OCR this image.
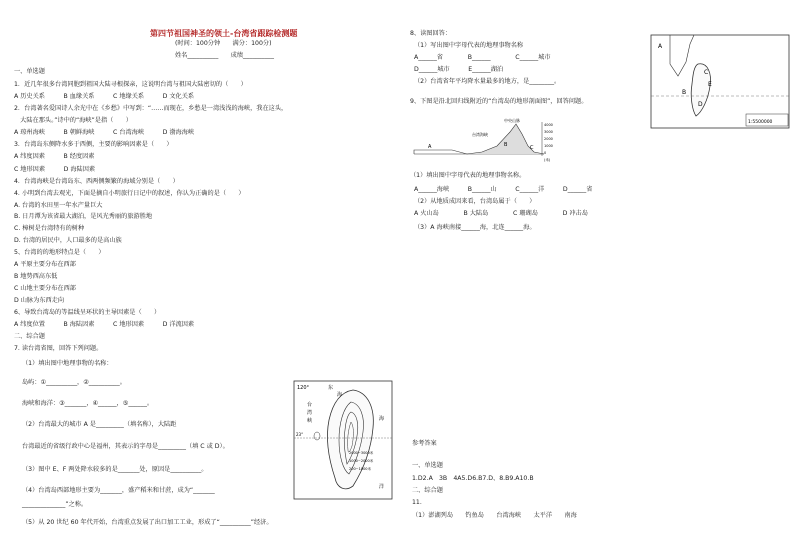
第四节祖国神圣的领土-台湾省跟踪检测题
(时间：100分钟　　满分：100分)
姓名__________　　成绩__________
一、单选题
1．近几年很多台湾同胞到祖国大陆寻根探亲，这说明台湾与祖国大陆密切的（　　）
A 历史关系　　　B 血缘关系　　　C 地缘关系　　　D 文化关系
2．台湾著名爱国诗人余光中在《乡愁》中写到：“……而现在，乡愁是一湾浅浅的海峡，我在这头，
　大陆在那头。”诗中的“海峡”是指（　　）
A 琼州海峡　　　B 朝鲜海峡　　　C 台湾海峡　　　D 渤海海峡
3．台湾岛东侧降水多于西侧，主要的影响因素是（　　）
A 纬度因素　　　B 经度因素
C 地形因素　　　D 海陆因素
4．台湾海峡是台湾岛东、西两侧频繁的海域分别是（　　）
4. 小明到台湾去观光，下面是摘自小明旅行日记中的叙述，你认为正确的是（　　）
A. 台湾的水田里一年水产量巨大
B. 日月潭为该省最大湖泊，是风光秀丽的旅游胜地
C. 樟树是台湾特有的树种
D. 台湾的居民中，人口最多的是高山族
5、台湾的的地形特点是（　　）
A 平原主要分布在西部
B 地势西高东低
C 山地主要分布在西部
D 山脉为东西走向
6、导致台湾岛的等温线呈环状的主导因素是（　　）
A 纬度位置　　　B 海陆因素　　　C 地形因素　　　D 洋流因素
二、综合题
7. 读台湾省图，回答下列问题。
（1）填出图中地理事物的名称：
岛屿：①__________，②__________。
海峡和海洋：③_______，④______，⑤______。
（2）台湾最大的城市 A 是_________（填名称），大陆距
台湾最近的省级行政中心是福州，其表示的字母是_________（填 C 或 D）。
（3）图中 E、F 两处降水较多的是_______处，原因是__________。
（4）台湾岛西部地形主要为_______，盛产稻米和甘蔗，成为“_______
______________”之称。
（5）从 20 世纪 60 年代开始，台湾重点发展了出口加工工业，形成了“__________”经济。
120°	东
海
台
湾
峡	海
洋
2000~3000米
1000~2000米
200~1000米
23°
8、读图回答：
（1）写出图中字母代表的地理事物名称
A______省　　　　B______　　　　C______城市
D______城市　　　E______湖泊
（2）台湾省年平均降水量最多的地方，是________。
9、下图是沿北回归线附近的“台湾岛的地形剖面图”，回答问题。
A
B
C
E
D
1:5500000
A	B	C
台湾海峡
中央山脉
4000
3000
2000
1000
0
(米)
（1）填出图中字母代表的地理事物名称。
A______海峡　　　B______山　　　C______洋　　　D______省
（2）从地质成因来看，台湾岛属于（　　）
A 火山岛　　　　B 大陆岛　　　　C 珊瑚岛　　　　D 冲击岛
（3）A 海峡南接______海，北连______海。
参考答案
一、单选题
1.D2.A　3B　4A5.D6.B7.D、8.B9.A10.B
二、综合题
11.
（1）澎湖列岛　　钓鱼岛　　台湾海峡　　太平洋　　南海
